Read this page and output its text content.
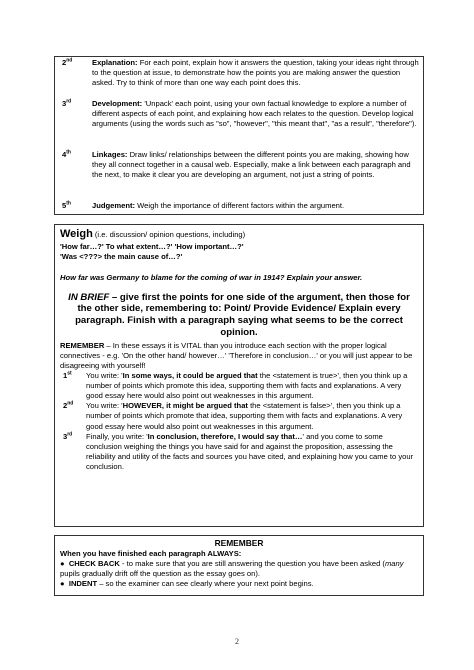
2nd	Explanation: For each point, explain how it answers the question, taking your ideas right through to the question at issue, to demonstrate how the points you are making answer the question asked. Try to think of more than one way each point does this.
3rd	Development: 'Unpack' each point, using your own factual knowledge to explore a number of different aspects of each point, and explaining how each relates to the question. Develop logical arguments (using the words such as "so", "however", "this meant that", "as a result", "therefore").
4th	Linkages: Draw links/ relationships between the different points you are making, showing how they all connect together in a causal web. Especially, make a link between each paragraph and the next, to make it clear you are developing an argument, not just a string of points.
5th	Judgement: Weigh the importance of different factors within the argument.
Weigh (i.e. discussion/ opinion questions, including)
'How far…?' To what extent…?' 'How important…?'
'Was <???> the main cause of…?'
How far was Germany to blame for the coming of war in 1914? Explain your answer.
IN BRIEF – give first the points for one side of the argument, then those for the other side, remembering to: Point/ Provide Evidence/ Explain every paragraph. Finish with a paragraph saying what seems to be the correct opinion.
REMEMBER – In these essays it is VITAL than you introduce each section with the proper logical connectives - e.g. 'On the other hand/ however…' 'Therefore in conclusion…' or you will just appear to be disagreeing with yourself!
1st You write: 'In some ways, it could be argued that the <statement is true>', then you think up a number of points which promote this idea, supporting them with facts and explanations. A very good essay here would also point out weaknesses in this argument.
2nd You write: 'HOWEVER, it might be argued that the <statement is false>', then you think up a number of points which promote that idea, supporting them with facts and explanations. A very good essay here would also point out weaknesses in this argument.
3rd Finally, you write: 'In conclusion, therefore, I would say that…' and you come to some conclusion weighing the things you have said for and against the proposition, assessing the reliability and utility of the facts and sources you have cited, and explaining how you came to your conclusion.
REMEMBER
When you have finished each paragraph ALWAYS:
● CHECK BACK - to make sure that you are still answering the question you have been asked (many pupils gradually drift off the question as the essay goes on).
● INDENT – so the examiner can see clearly where your next point begins.
2
